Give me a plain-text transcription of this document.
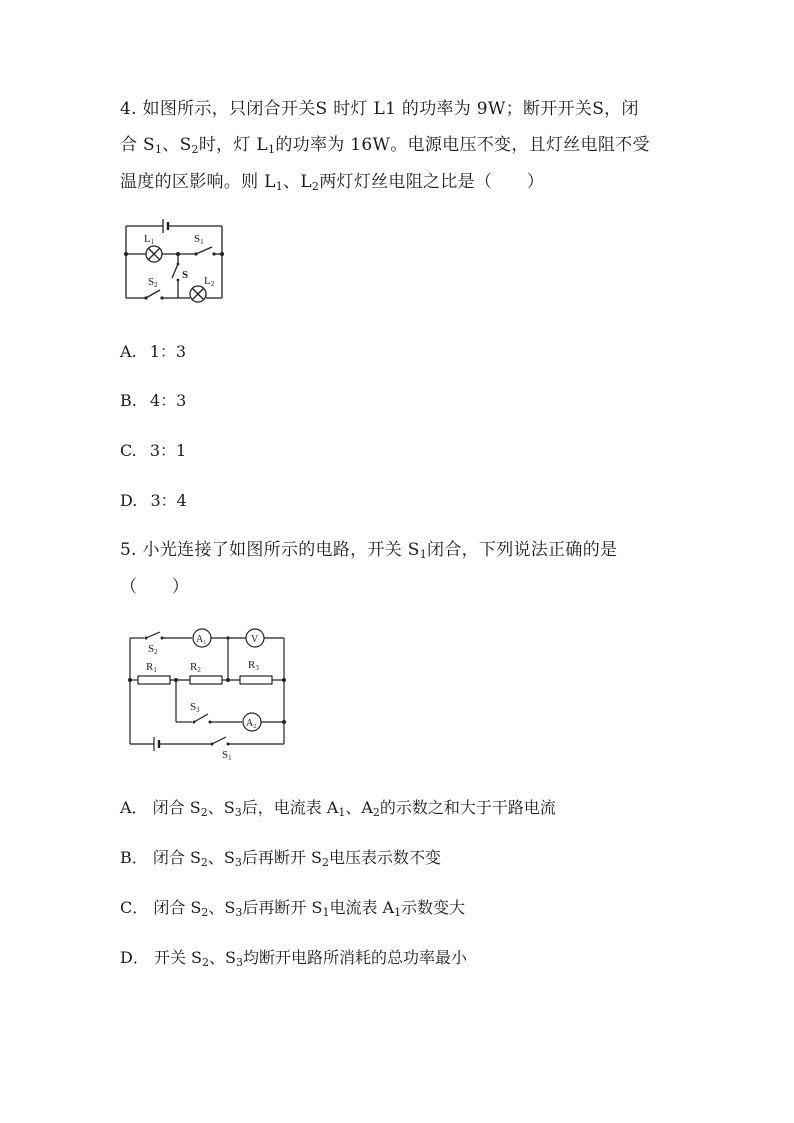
4. 如图所示，只闭合开关S 时灯 L1 的功率为 9W；断开开关S，闭
合 $S_1$、$S_2$时，灯 $L_1$的功率为 16W。电源电压不变，且灯丝电阻不受
温度的区影响。则 $L_1$、$L_2$两灯灯丝电阻之比是（　　）
L1	S1
S2
S L2
A. 1：3
B. 4：3
C. 3：1
D. 3：4
5. 小光连接了如图所示的电路，开关 $S_1$闭合，下列说法正确的是
（　　）
$A_1$	V
$A_2$
S2
R1	R2	R3
S3
S1
A． 闭合 $S_2$、$S_3$后，电流表 $A_1$、$A_2$的示数之和大于干路电流
B． 闭合 $S_2$、$S_3$后再断开 $S_2$电压表示数不变
C． 闭合 $S_2$、$S_3$后再断开 $S_1$电流表 $A_1$示数变大
D． 开关 $S_2$、$S_3$均断开电路所消耗的总功率最小
